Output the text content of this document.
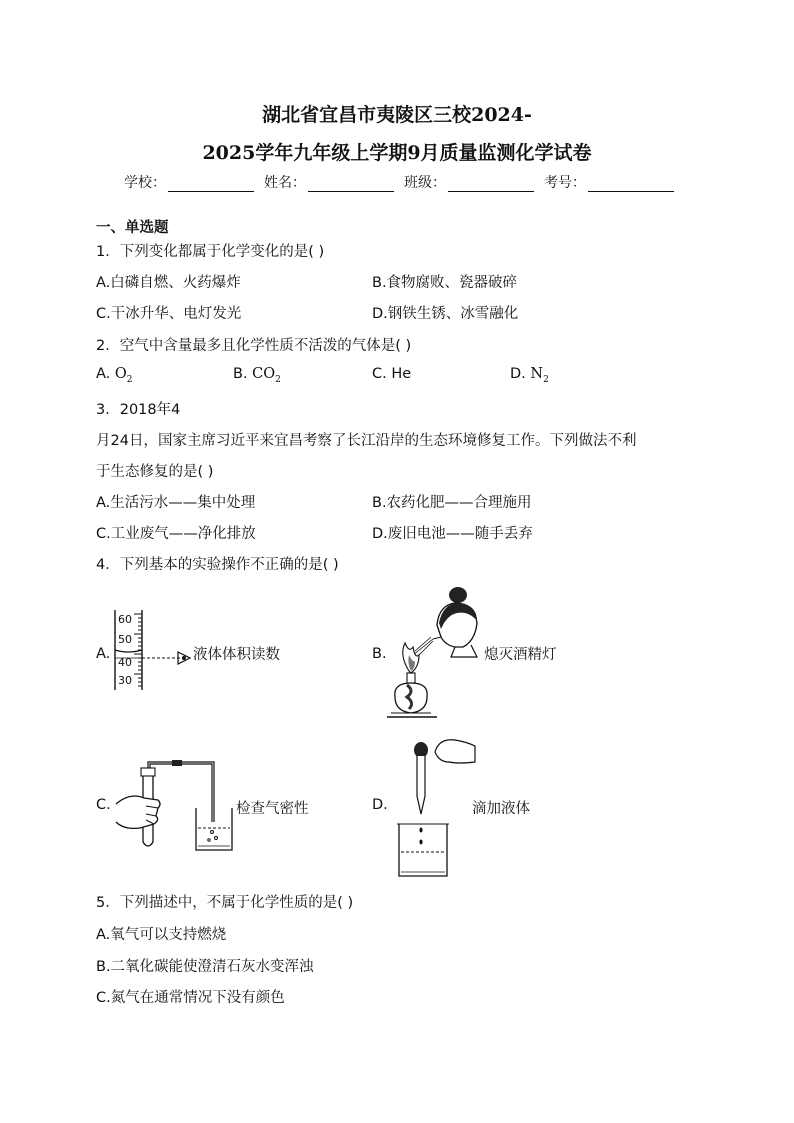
湖北省宜昌市夷陵区三校2024-
2025学年九年级上学期9月质量监测化学试卷
学校：	姓名：	班级：	考号：
一、单选题
1．下列变化都属于化学变化的是( )
A.白磷自燃、火药爆炸	B.食物腐败、瓷器破碎
C.干冰升华、电灯发光	D.钢铁生锈、冰雪融化
2．空气中含量最多且化学性质不活泼的气体是( )
A. $O_2$	B. $CO_2$	C. He	D. $N_2$
3．2018年4
月24日，国家主席习近平来宜昌考察了长江沿岸的生态环境修复工作。下列做法不利
于生态修复的是( )
A.生活污水——集中处理	B.农药化肥——合理施用
C.工业废气——净化排放	D.废旧电池——随手丢弃
4．下列基本的实验操作不正确的是( )
A.
60
50
40
30
液体体积读数	B.	熄灭酒精灯
C.	检查气密性	D.	滴加液体
5．下列描述中，不属于化学性质的是( )
A.氧气可以支持燃烧
B.二氧化碳能使澄清石灰水变浑浊
C.氮气在通常情况下没有颜色
